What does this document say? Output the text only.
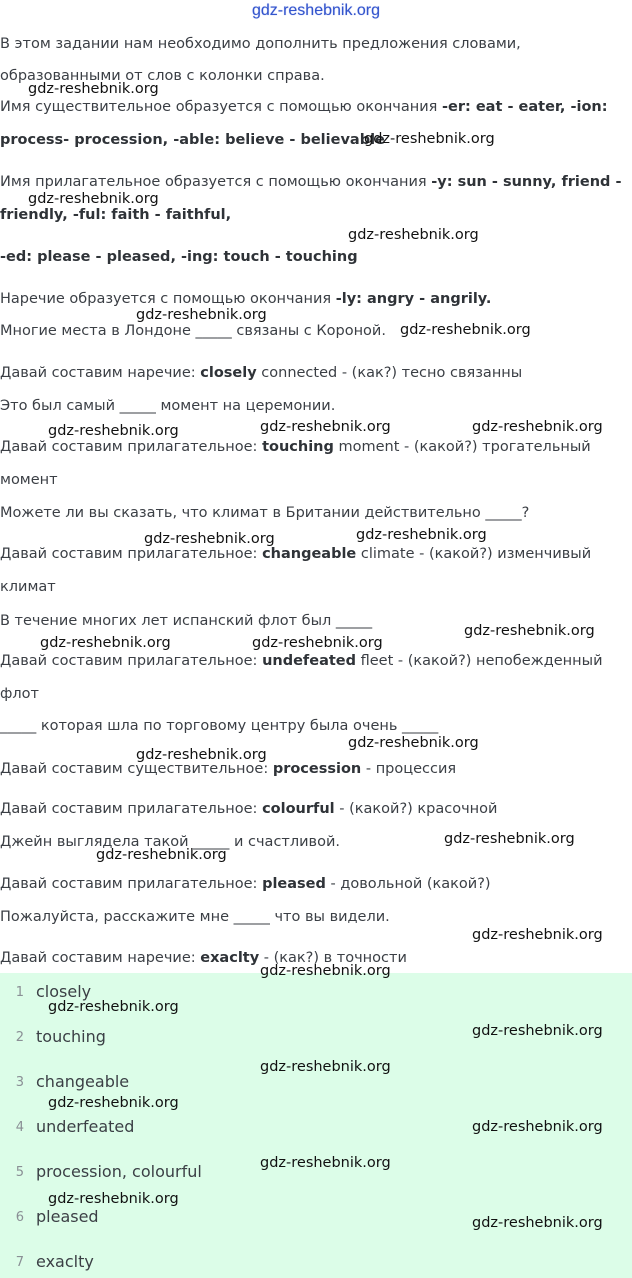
gdz-reshebnik.org
В этом задании нам необходимо дополнить предложения словами,
образованными от слов с колонки справа.
Имя существительное образуется с помощью окончания -er: eat - eater, -ion:
process- procession, -able: believe - believable
Имя прилагательное образуется с помощью окончания -y: sun - sunny, friend -
friendly, -ful: faith - faithful,
-ed: please - pleased, -ing: touch - touching
Наречие образуется с помощью окончания -ly: angry - angrily.
Многие места в Лондоне _____ связаны с Короной.
Давай составим наречие: closely connected - (как?) тесно связанны
Это был самый _____ момент на церемонии.
Давай составим прилагательное: touching moment - (какой?) трогательный
момент
Можете ли вы сказать, что климат в Британии действительно _____?
Давай составим прилагательное: changeable climate - (какой?) изменчивый
климат
В течение многих лет испанский флот был _____
Давай составим прилагательное: undefeated fleet - (какой?) непобежденный
флот
_____ которая шла по торговому центру была очень _____
Давай составим существительное: procession - процессия
Давай составим прилагательное: colourful - (какой?) красочной
Джейн выглядела такой _____ и счастливой.
Давай составим прилагательное: pleased - довольной (какой?)
Пожалуйста, расскажите мне _____ что вы видели.
Давай составим наречие: exaclty - (как?) в точности
1 closely
2 touching
3 changeable
4 underfeated
5 procession, colourful
6 pleased
7 exaclty
gdz-reshebnik.org
gdz-reshebnik.org
gdz-reshebnik.org
gdz-reshebnik.org
gdz-reshebnik.org
gdz-reshebnik.org
gdz-reshebnik.org	gdz-reshebnik.org	gdz-reshebnik.org
gdz-reshebnik.org	gdz-reshebnik.org
gdz-reshebnik.org	gdz-reshebnik.org
gdz-reshebnik.org
gdz-reshebnik.org
gdz-reshebnik.org
gdz-reshebnik.org
gdz-reshebnik.org
gdz-reshebnik.org
gdz-reshebnik.org
gdz-reshebnik.org
gdz-reshebnik.org
gdz-reshebnik.org
gdz-reshebnik.org
gdz-reshebnik.org
gdz-reshebnik.org
gdz-reshebnik.org
gdz-reshebnik.org
